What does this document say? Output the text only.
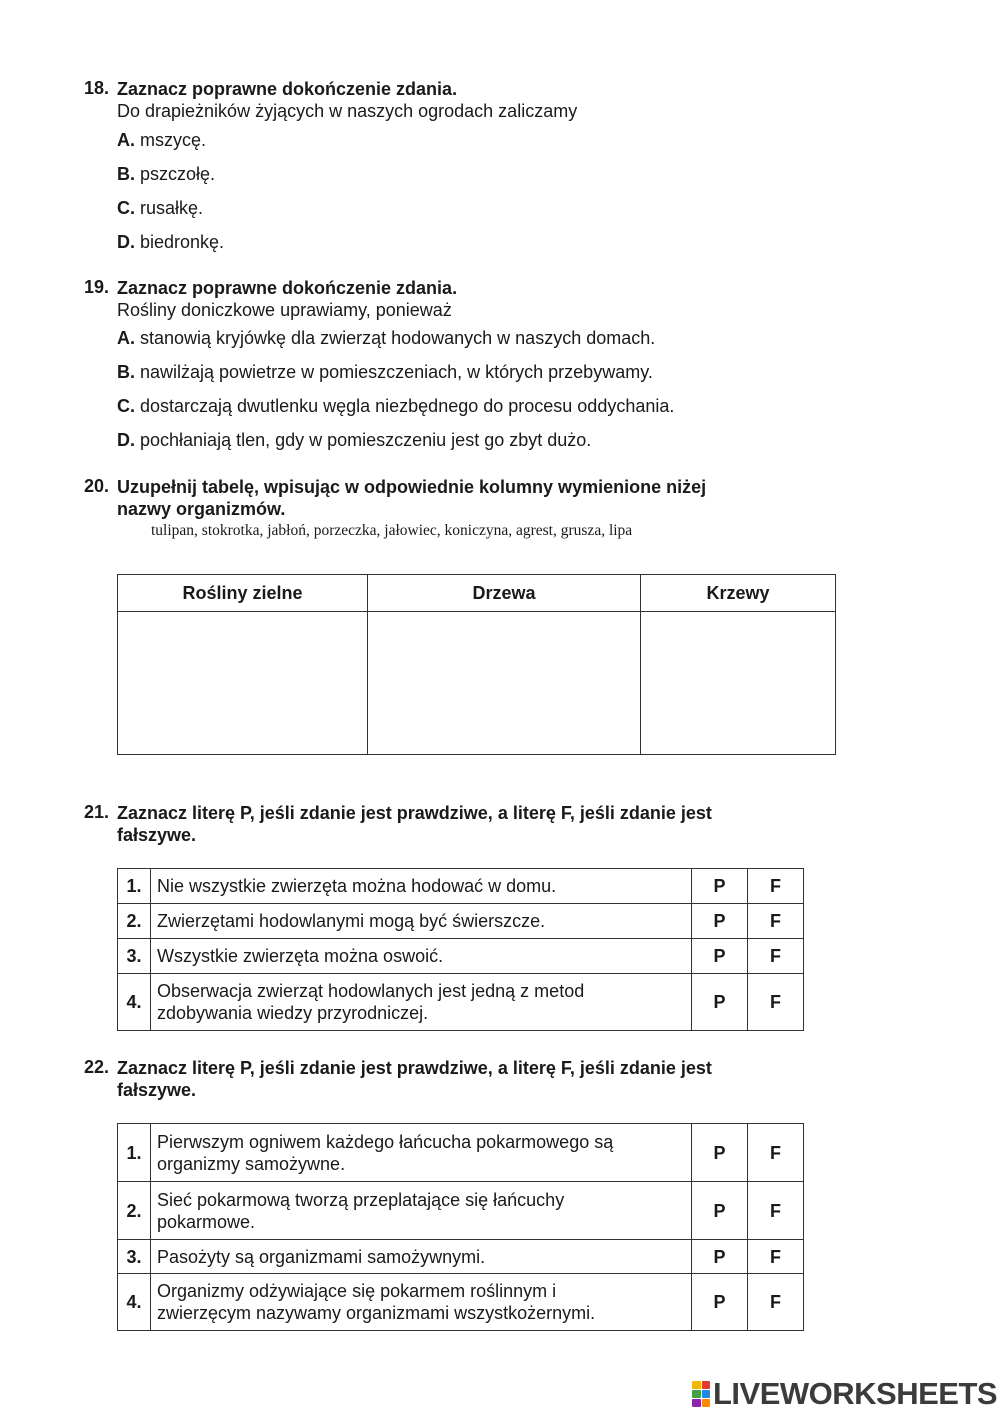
18. Zaznacz poprawne dokończenie zdania.
Do drapieżników żyjących w naszych ogrodach zaliczamy
A. mszycę.
B. pszczołę.
C. rusałkę.
D. biedronkę.
19. Zaznacz poprawne dokończenie zdania.
Rośliny doniczkowe uprawiamy, ponieważ
A. stanowią kryjówkę dla zwierząt hodowanych w naszych domach.
B. nawilżają powietrze w pomieszczeniach, w których przebywamy.
C. dostarczają dwutlenku węgla niezbędnego do procesu oddychania.
D. pochłaniają tlen, gdy w pomieszczeniu jest go zbyt dużo.
20. Uzupełnij tabelę, wpisując w odpowiednie kolumny wymienione niżej
nazwy organizmów.
tulipan, stokrotka, jabłoń, porzeczka, jałowiec, koniczyna, agrest, grusza, lipa
Rośliny zielne	Drzewa	Krzewy

21. Zaznacz literę P, jeśli zdanie jest prawdziwe, a literę F, jeśli zdanie jest
fałszywe.
1.	Nie wszystkie zwierzęta można hodować w domu.	P	F
2.	Zwierzętami hodowlanymi mogą być świerszcze.	P	F
3.	Wszystkie zwierzęta można oswoić.	P	F
4.	Obserwacja zwierząt hodowlanych jest jedną z metod
zdobywania wiedzy przyrodniczej.	P	F
22. Zaznacz literę P, jeśli zdanie jest prawdziwe, a literę F, jeśli zdanie jest
fałszywe.
1.	Pierwszym ogniwem każdego łańcucha pokarmowego są
organizmy samożywne.	P	F
2.	Sieć pokarmową tworzą przeplatające się łańcuchy
pokarmowe.	P	F
3.	Pasożyty są organizmami samożywnymi.	P	F
4.	Organizmy odżywiające się pokarmem roślinnym i
zwierzęcym nazywamy organizmami wszystkożernymi.	P	F
LIVEWORKSHEETS
